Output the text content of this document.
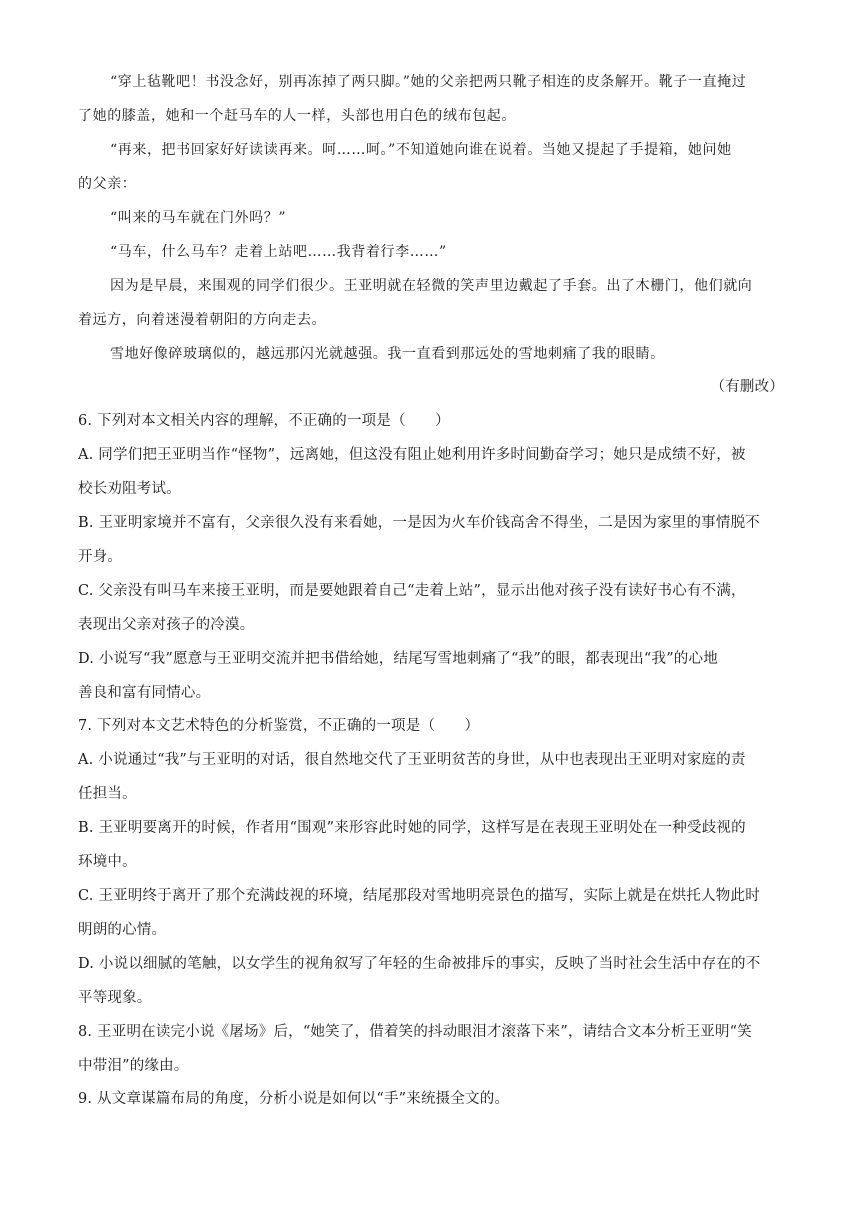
“穿上毡靴吧！书没念好，别再冻掉了两只脚。”她的父亲把两只靴子相连的皮条解开。靴子一直掩过
了她的膝盖，她和一个赶马车的人一样，头部也用白色的绒布包起。
“再来，把书回家好好读读再来。呵……呵。”不知道她向谁在说着。当她又提起了手提箱，她问她
的父亲：
“叫来的马车就在门外吗？”
“马车，什么马车？走着上站吧……我背着行李……”
因为是早晨，来围观的同学们很少。王亚明就在轻微的笑声里边戴起了手套。出了木栅门，他们就向
着远方，向着迷漫着朝阳的方向走去。
雪地好像碎玻璃似的，越远那闪光就越强。我一直看到那远处的雪地刺痛了我的眼睛。
（有删改）
6. 下列对本文相关内容的理解，不正确的一项是（　　）
A. 同学们把王亚明当作“怪物”，远离她，但这没有阻止她利用许多时间勤奋学习；她只是成绩不好，被
校长劝阻考试。
B. 王亚明家境并不富有，父亲很久没有来看她，一是因为火车价钱高舍不得坐，二是因为家里的事情脱不
开身。
C. 父亲没有叫马车来接王亚明，而是要她跟着自己“走着上站”，显示出他对孩子没有读好书心有不满，
表现出父亲对孩子的冷漠。
D. 小说写“我”愿意与王亚明交流并把书借给她，结尾写雪地刺痛了“我”的眼，都表现出“我”的心地
善良和富有同情心。
7. 下列对本文艺术特色的分析鉴赏，不正确的一项是（　　）
A. 小说通过“我”与王亚明的对话，很自然地交代了王亚明贫苦的身世，从中也表现出王亚明对家庭的责
任担当。
B. 王亚明要离开的时候，作者用“围观”来形容此时她的同学，这样写是在表现王亚明处在一种受歧视的
环境中。
C. 王亚明终于离开了那个充满歧视的环境，结尾那段对雪地明亮景色的描写，实际上就是在烘托人物此时
明朗的心情。
D. 小说以细腻的笔触，以女学生的视角叙写了年轻的生命被排斥的事实，反映了当时社会生活中存在的不
平等现象。
8. 王亚明在读完小说《屠场》后，“她笑了，借着笑的抖动眼泪才滚落下来”，请结合文本分析王亚明“笑
中带泪”的缘由。
9. 从文章谋篇布局的角度，分析小说是如何以“手”来统摄全文的。
